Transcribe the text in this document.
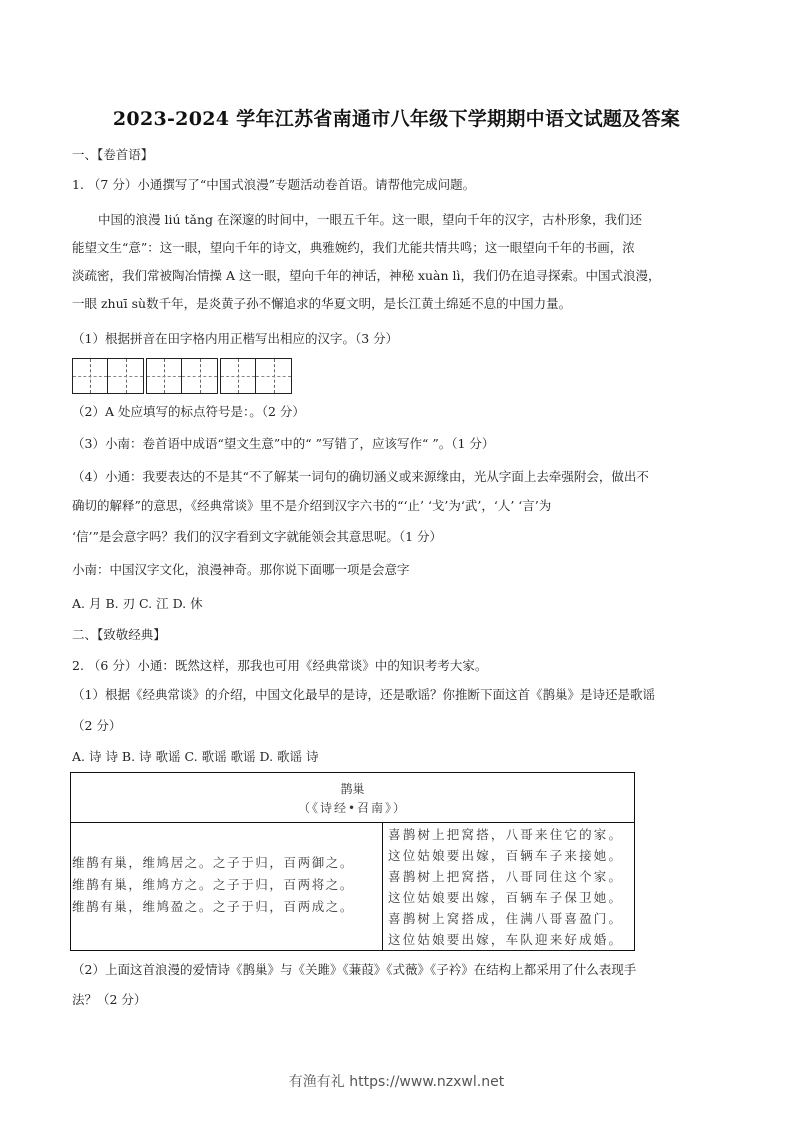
2023-2024 学年江苏省南通市八年级下学期期中语文试题及答案
一、【卷首语】
1. （7 分）小通撰写了“中国式浪漫”专题活动卷首语。请帮他完成问题。
中国的浪漫 liú tǎng 在深邃的时间中，一眼五千年。这一眼，望向千年的汉字，古朴形象，我们还
能望文生“意”：这一眼，望向千年的诗文，典雅婉约，我们尤能共情共鸣；这一眼望向千年的书画，浓
淡疏密，我们常被陶冶情操 A 这一眼，望向千年的神话，神秘 xuàn lì，我们仍在追寻探索。中国式浪漫，
一眼 zhuī sù数千年，是炎黄子孙不懈追求的华夏文明，是长江黄土绵延不息的中国力量。
（1）根据拼音在田字格内用正楷写出相应的汉字。（3 分）
（2）A 处应填写的标点符号是：。（2 分）
（3）小南：卷首语中成语“望文生意”中的“ ”写错了，应该写作“ ”。（1 分）
（4）小通：我要表达的不是其“不了解某一词句的确切涵义或来源缘由，光从字面上去牵强附会，做出不
确切的解释”的意思，《经典常谈》里不是介绍到汉字六书的“‘止’ ‘戈’为‘武’，‘人’ ‘言’为
‘信’”是会意字吗？我们的汉字看到文字就能领会其意思呢。（1 分）
小南：中国汉字文化，浪漫神奇。那你说下面哪一项是会意字
A. 月 B. 刃 C. 江 D. 休
二、【致敬经典】
2. （6 分）小通：既然这样，那我也可用《经典常谈》中的知识考考大家。
（1）根据《经典常谈》的介绍，中国文化最早的是诗，还是歌谣？你推断下面这首《鹊巢》是诗还是歌谣
（2 分）
A. 诗 诗 B. 诗 歌谣 C. 歌谣 歌谣 D. 歌谣 诗
鹊巢
（《诗经•召南》）
维鹊有巢，维鸠居之。之子于归，百两御之。
维鹊有巢，维鸠方之。之子于归，百两将之。
维鹊有巢，维鸠盈之。之子于归，百两成之。
喜鹊树上把窝搭，八哥来住它的家。
这位姑娘要出嫁，百辆车子来接她。
喜鹊树上把窝搭，八哥同住这个家。
这位姑娘要出嫁，百辆车子保卫她。
喜鹊树上窝搭成，住满八哥喜盈门。
这位姑娘要出嫁，车队迎来好成婚。
（2）上面这首浪漫的爱情诗《鹊巢》与《关雎》《蒹葭》《式薇》《子衿》在结构上都采用了什么表现手
法？（2 分）
有渔有礼 https://www.nzxwl.net
